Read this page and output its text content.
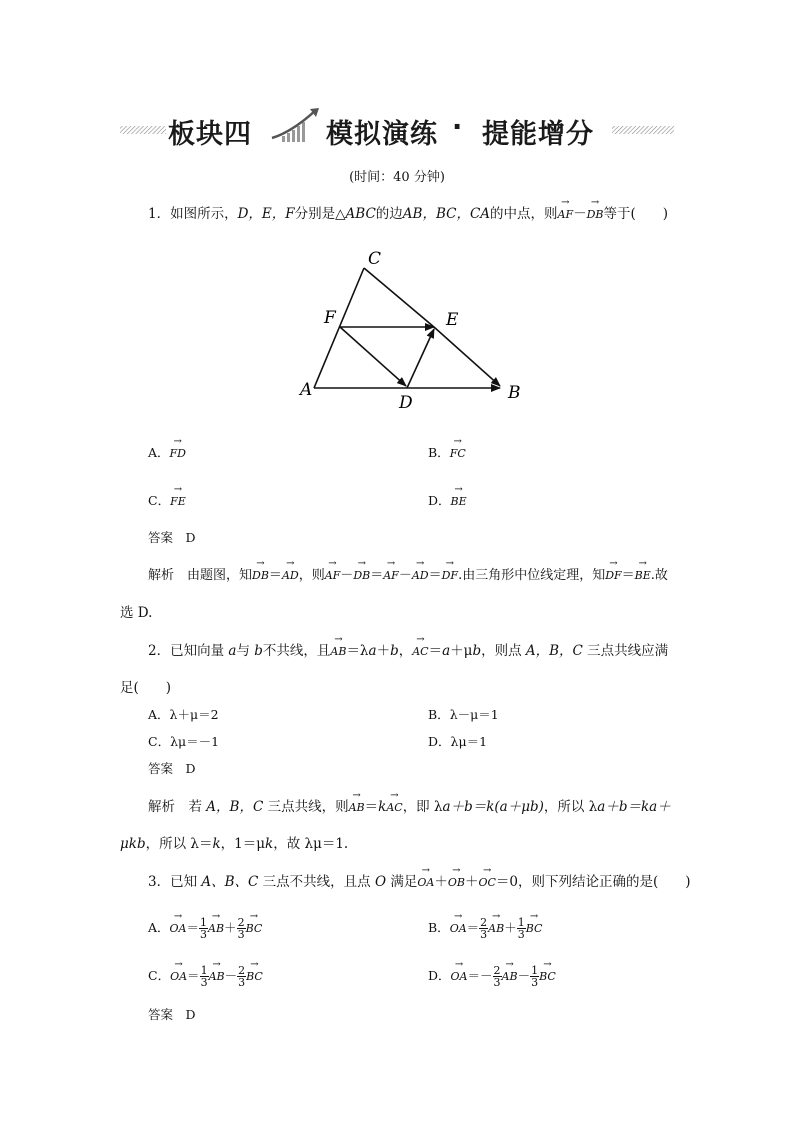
板块四	模拟演练 · 提能增分
(时间：40 分钟)
1．如图所示，D，E，F分别是△ABC的边AB，BC，CA的中点，则→ AF－→ DB等于(　　)
C
F	E
A
D	B
A．→ FD	B．→ FC
C．→ FE	D．→ BE
答案　D
解析　由题图，知→ DB＝→ AD，则→ AF－→ DB＝→ AF－→ AD＝→ DF.由三角形中位线定理，知→ DF＝→ BE.故
选 D.
2．已知向量 a与 b不共线，且→ AB＝λa＋b，→ AC＝a＋μb，则点 A，B，C 三点共线应满
足(　　)
A．λ＋μ＝2	B．λ－μ＝1
C．λμ＝－1	D．λμ＝1
答案　D
解析　若 A，B，C 三点共线，则→ AB＝k→ AC，即 λa＋b＝k(a＋μb)，所以 λa＋b＝ka＋
μkb，所以 λ＝k，1＝μk，故 λμ＝1.
3．已知 A、B、C 三点不共线，且点 O 满足→ OA＋→ OB＋→ OC＝0，则下列结论正确的是(　　)
A．→ $OA= \frac{1}{3}$
→ $AB+ \frac{2}{3}$
→ BC	B．→ $OA= \frac{2}{3}$
→ $AB+ \frac{1}{3}$
→ BC
C．→ $OA= \frac{1}{3}$
→ $AB- \frac{2}{3}$
→ BC	D．→ $OA=- \frac{2}{3}$
→ $AB- \frac{1}{3}$
→ BC
答案　D
